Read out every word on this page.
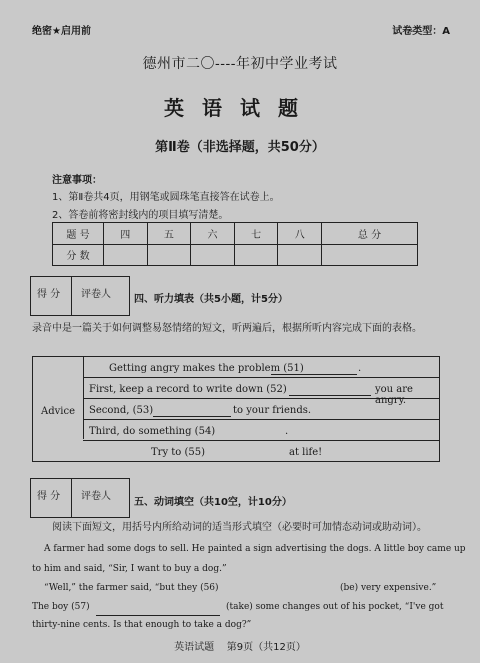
绝密★启用前	试卷类型：A
德州市二〇----年初中学业考试
英语试题
第Ⅱ卷（非选择题，共50分）
注意事项：
1、第Ⅱ卷共4页，用钢笔或圆珠笔直接答在试卷上。
2、答卷前将密封线内的项目填写清楚。
题 号	四	五	六	七	八	总 分
分 数						
得 分 评卷人 四、听力填表（共5小题，计5分）
录音中是一篇关于如何调整易怒情绪的短文，听两遍后，根据所听内容完成下面的表格。
Advice
Getting angry makes the problem (51)	.
First, keep a record to write down (52)	you are angry.
Second, (53)	to your friends.
Third, do something (54)	.
Try to (55)	at life!
得 分 评卷人
五、动词填空（共10空，计10分）
阅读下面短文，用括号内所给动词的适当形式填空（必要时可加情态动词或助动词）。
A farmer had some dogs to sell. He painted a sign advertising the dogs. A little boy came up
to him and said, “Sir, I want to buy a dog.”
“Well,” the farmer said, “but they (56)	(be) very expensive.”
The boy (57)	(take) some changes out of his pocket, “I've got
thirty-nine cents. Is that enough to take a dog?”
英语试题    第9页（共12页）
